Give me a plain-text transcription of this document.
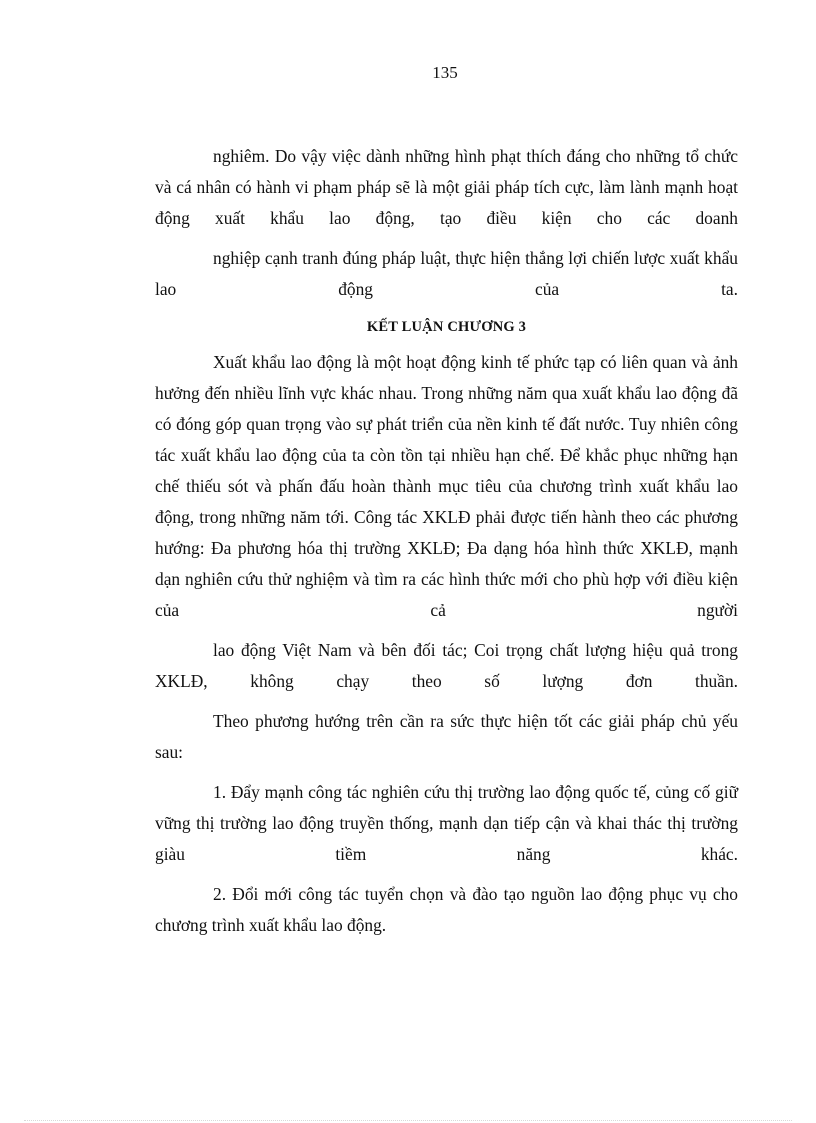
135

nghiêm. Do vậy việc dành những hình phạt thích đáng cho những tổ chức và cá nhân có hành vi phạm pháp sẽ là một giải pháp tích cực, làm lành mạnh hoạt động xuất khẩu lao động, tạo điều kiện cho các doanh

nghiệp cạnh tranh đúng pháp luật, thực hiện thắng lợi chiến lược xuất khẩu lao động của ta.

KẾT LUẬN CHƯƠNG 3

Xuất khẩu lao động là một hoạt động kinh tế phức tạp có liên quan và ảnh hưởng đến nhiều lĩnh vực khác nhau. Trong những năm qua xuất khẩu lao động đã có đóng góp quan trọng vào sự phát triển của nền kinh tế đất nước. Tuy nhiên công tác xuất khẩu lao động của ta còn tồn tại nhiều hạn chế. Để khắc phục những hạn chế thiếu sót và phấn đấu hoàn thành mục tiêu của chương trình xuất khẩu lao động, trong những năm tới. Công tác XKLĐ phải được tiến hành theo các phương hướng: Đa phương hóa thị trường XKLĐ; Đa dạng hóa hình thức XKLĐ, mạnh dạn nghiên cứu thử nghiệm và tìm ra các hình thức mới cho phù hợp với điều kiện của cả người

lao động Việt Nam và bên đối tác; Coi trọng chất lượng hiệu quả trong XKLĐ, không chạy theo số lượng đơn thuần.

Theo phương hướng trên cần ra sức thực hiện tốt các giải pháp chủ yếu sau:

1. Đẩy mạnh công tác nghiên cứu thị trường lao động quốc tế, củng cố giữ vững thị trường lao động truyền thống, mạnh dạn tiếp cận và khai thác thị trường giàu tiềm năng khác.

2. Đổi mới công tác tuyển chọn và đào tạo nguồn lao động phục vụ cho chương trình xuất khẩu lao động.
